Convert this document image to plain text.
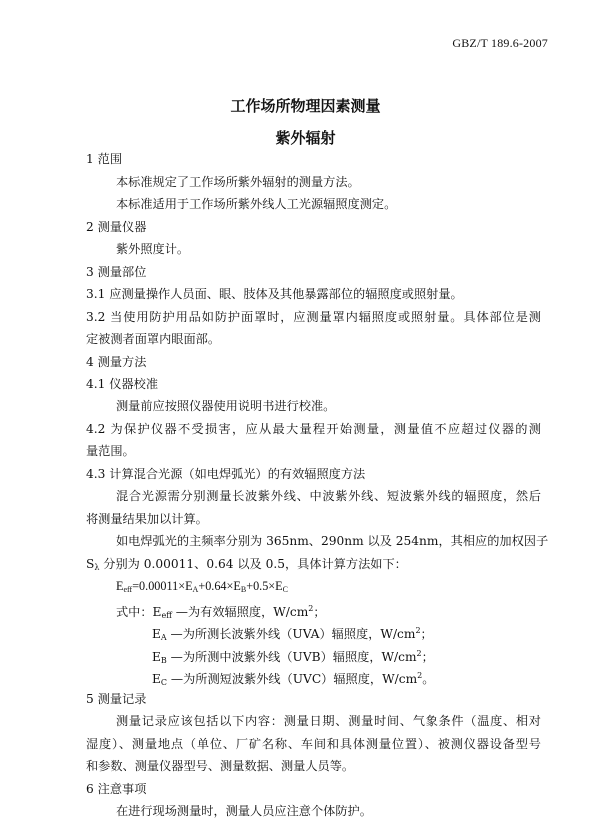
GBZ/T 189.6-2007
工作场所物理因素测量
紫外辐射
1 范围
本标准规定了工作场所紫外辐射的测量方法。
本标准适用于工作场所紫外线人工光源辐照度测定。
2 测量仪器
紫外照度计。
3 测量部位
3.1 应测量操作人员面、眼、肢体及其他暴露部位的辐照度或照射量。
3.2 当使用防护用品如防护面罩时，应测量罩内辐照度或照射量。具体部位是测
定被测者面罩内眼面部。
4 测量方法
4.1 仪器校准
测量前应按照仪器使用说明书进行校准。
4.2 为保护仪器不受损害，应从最大量程开始测量，测量值不应超过仪器的测
量范围。
4.3 计算混合光源（如电焊弧光）的有效辐照度方法
混合光源需分别测量长波紫外线、中波紫外线、短波紫外线的辐照度，然后
将测量结果加以计算。
如电焊弧光的主频率分别为 365nm、290nm 以及 254nm，其相应的加权因子
$S_\lambda$ 分别为 0.00011、0.64 以及 0.5，具体计算方法如下：
$E_{eff}=0.00011\times E_A+0.64\times E_B+0.5\times E_C$
式中：$E_{eff}$ —为有效辐照度，$W/cm^2$；
$E_A$ —为所测长波紫外线（UVA）辐照度，$W/cm^2$；
$E_B$ —为所测中波紫外线（UVB）辐照度，$W/cm^2$；
$E_C$ —为所测短波紫外线（UVC）辐照度，$W/cm^2$。
5 测量记录
测量记录应该包括以下内容：测量日期、测量时间、气象条件（温度、相对
湿度）、测量地点（单位、厂矿名称、车间和具体测量位置）、被测仪器设备型号
和参数、测量仪器型号、测量数据、测量人员等。
6 注意事项
在进行现场测量时，测量人员应注意个体防护。
